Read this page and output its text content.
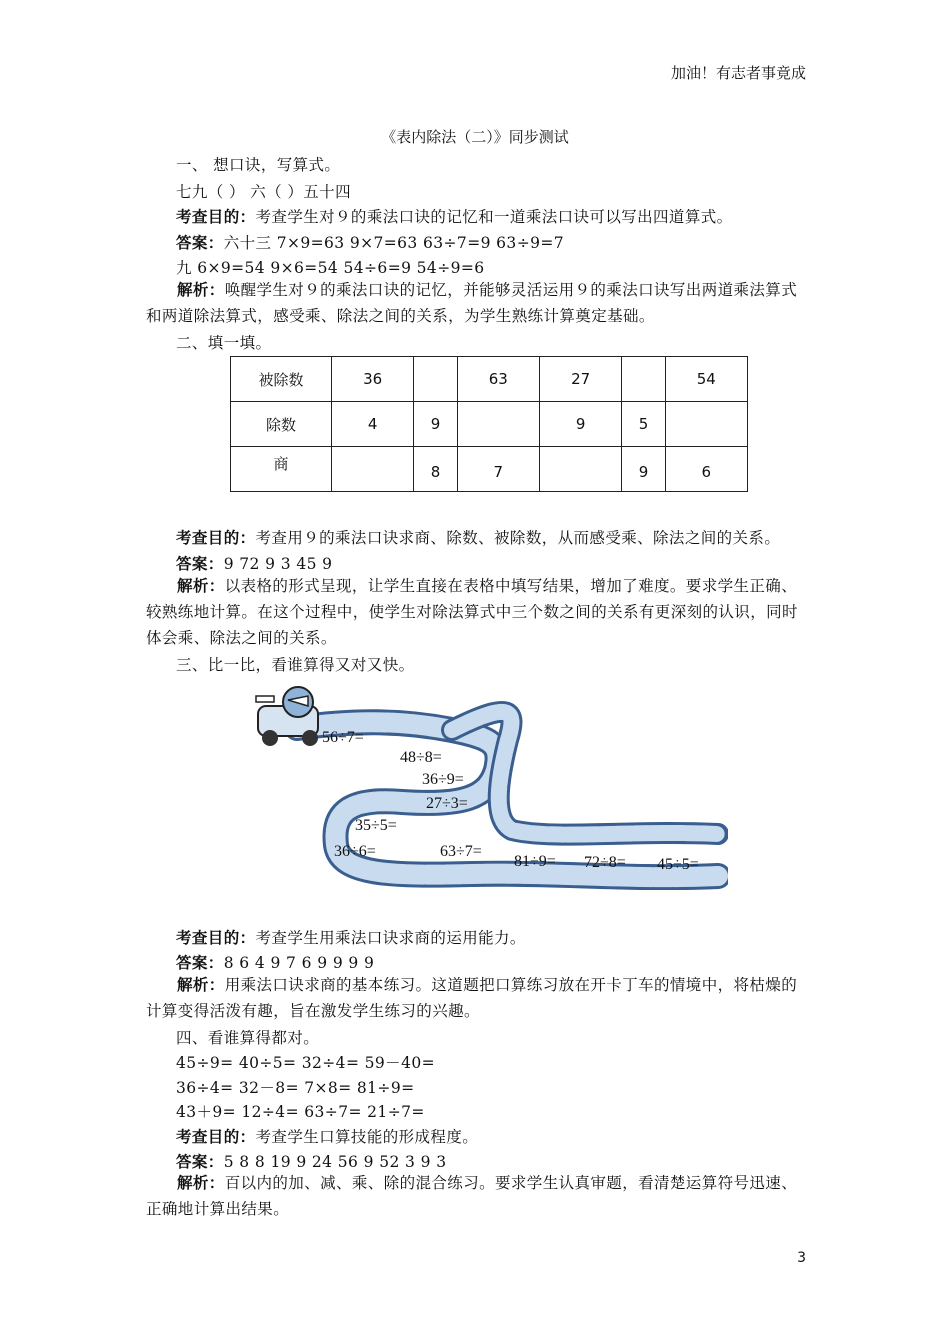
加油！有志者事竟成
《表内除法（二）》同步测试
一、 想口诀，写算式。
七九（ ） 六（ ）五十四
考查目的：考查学生对９的乘法口诀的记忆和一道乘法口诀可以写出四道算式。
答案：六十三 7×9=63 9×7=63 63÷7=9 63÷9=7
九 6×9=54 9×6=54 54÷6=9 54÷9=6
解析：唤醒学生对９的乘法口诀的记忆，并能够灵活运用９的乘法口诀写出两道乘法算式和两道除法算式，感受乘、除法之间的关系，为学生熟练计算奠定基础。
二、填一填。
被除数	36		63	27		54
除数	4	9		9	5	
商		8	7		9	6
考查目的：考查用９的乘法口诀求商、除数、被除数，从而感受乘、除法之间的关系。
答案：9 72 9 3 45 9
解析：以表格的形式呈现，让学生直接在表格中填写结果，增加了难度。要求学生正确、较熟练地计算。在这个过程中，使学生对除法算式中三个数之间的关系有更深刻的认识，同时体会乘、除法之间的关系。
三、比一比，看谁算得又对又快。
56÷7=
48÷8=
36÷9=
27÷3=
35÷5=
36÷6=	63÷7=
81÷9= 72÷8= 45÷5=
考查目的：考查学生用乘法口诀求商的运用能力。
答案：8 6 4 9 7 6 9 9 9 9
解析：用乘法口诀求商的基本练习。这道题把口算练习放在开卡丁车的情境中，将枯燥的计算变得活泼有趣，旨在激发学生练习的兴趣。
四、看谁算得都对。
45÷9= 40÷5= 32÷4= 59－40=
36÷4= 32－8= 7×8= 81÷9=
43＋9= 12÷4= 63÷7= 21÷7=
考查目的：考查学生口算技能的形成程度。
答案：5 8 8 19 9 24 56 9 52 3 9 3
解析：百以内的加、减、乘、除的混合练习。要求学生认真审题，看清楚运算符号迅速、正确地计算出结果。
3
